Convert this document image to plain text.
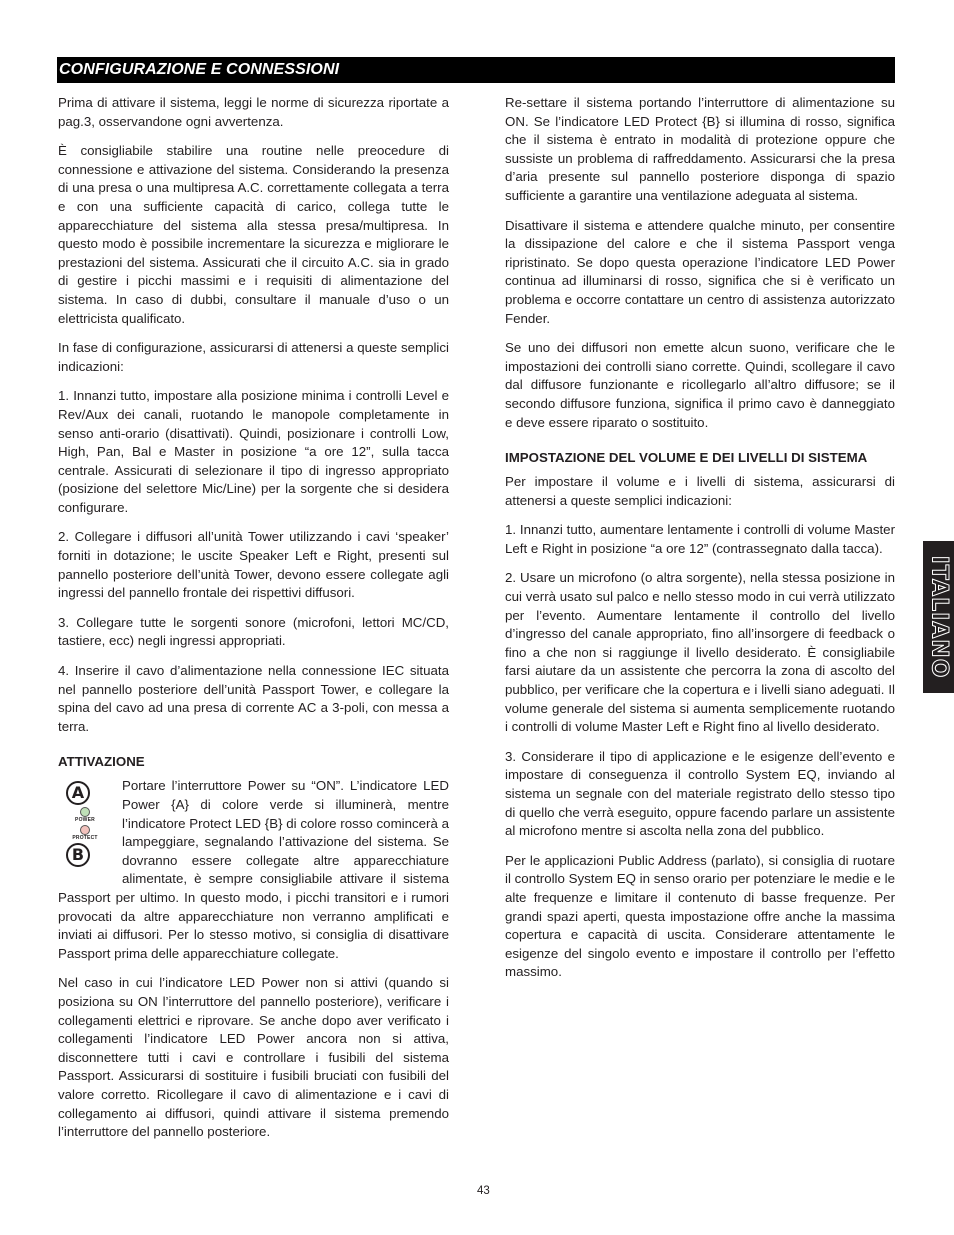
CONFIGURAZIONE E CONNESSIONI

Prima di attivare il sistema, leggi le norme di sicurezza riportate a pag.3, osservandone ogni avvertenza.

È consigliabile stabilire una routine nelle preocedure di connessione e attivazione del sistema. Considerando la presenza di una presa o una multipresa A.C. correttamente collegata a terra e con una sufficiente capacità di carico, collega tutte le apparecchiature del sistema alla stessa presa/multipresa. In questo modo è possibile incrementare la sicurezza e migliorare le prestazioni del sistema. Assicurati che il circuito A.C. sia in grado di gestire i picchi massimi e i requisiti di alimentazione del sistema. In caso di dubbi, consultare il manuale d’uso o un elettricista qualificato.

In fase di configurazione, assicurarsi di attenersi a queste semplici indicazioni:

1. Innanzi tutto, impostare alla posizione minima i controlli Level e Rev/Aux dei canali, ruotando le manopole completamente in senso anti-orario (disattivati). Quindi, posizionare i controlli Low, High, Pan, Bal e Master in posizione “a ore 12”, sulla tacca centrale. Assicurati di selezionare il tipo di ingresso appropriato (posizione del selettore Mic/Line) per la sorgente che si desidera configurare.

2. Collegare i diffusori all’unità Tower utilizzando i cavi ‘speaker’ forniti in dotazione; le uscite Speaker Left e Right, presenti sul pannello posteriore dell’unità Tower, devono essere collegate agli ingressi del pannello frontale dei rispettivi diffusori.

3. Collegare tutte le sorgenti sonore (microfoni, lettori MC/CD, tastiere, ecc) negli ingressi appropriati.

4. Inserire il cavo d’alimentazione nella connessione IEC situata nel pannello posteriore dell’unità Passport Tower, e collegare la spina del cavo ad una presa di corrente AC a 3-poli, con messa a terra.

ATTIVAZIONE
A
POWER
PROTECT
B

Portare l’interruttore Power su “ON”. L’indicatore LED Power {A} di colore verde si illuminerà, mentre l’indicatore Protect LED {B} di colore rosso comincerà a lampeggiare, segnalando l’attivazione del sistema. Se dovranno essere collegate altre apparecchiature alimentate, è sempre consigliabile attivare il sistema Passport per ultimo. In questo modo, i picchi transitori e i rumori provocati da altre apparecchiature non verranno amplificati e inviati ai diffusori. Per lo stesso motivo, si consiglia di disattivare Passport prima delle apparecchiature collegate.

Nel caso in cui l’indicatore LED Power non si attivi (quando si posiziona su ON l’interruttore del pannello posteriore), verificare i collegamenti elettrici e riprovare. Se anche dopo aver verificato i collegamenti l’indicatore LED Power ancora non si attiva, disconnettere tutti i cavi e controllare i fusibili del sistema Passport. Assicurarsi di sostituire i fusibili bruciati con fusibili del valore corretto. Ricollegare il cavo di alimentazione e i cavi di collegamento ai diffusori, quindi attivare il sistema premendo l’interruttore del pannello posteriore.

Re-settare il sistema portando l’interruttore di alimentazione su ON. Se l’indicatore LED Protect {B} si illumina di rosso, significa che il sistema è entrato in modalità di protezione oppure che sussiste un problema di raffreddamento. Assicurarsi che la presa d’aria presente sul pannello posteriore disponga di spazio sufficiente a garantire una ventilazione adeguata al sistema.

Disattivare il sistema e attendere qualche minuto, per consentire la dissipazione del calore e che il sistema Passport venga ripristinato. Se dopo questa operazione l’indicatore LED Power continua ad illuminarsi di rosso, significa che si è verificato un problema e occorre contattare un centro di assistenza autorizzato Fender.

Se uno dei diffusori non emette alcun suono, verificare che le impostazioni dei controlli siano corrette. Quindi, scollegare il cavo dal diffusore funzionante e ricollegarlo all’altro diffusore; se il secondo diffusore funziona, significa il primo cavo è danneggiato e deve essere riparato o sostituito.

IMPOSTAZIONE DEL VOLUME E DEI LIVELLI DI SISTEMA

Per impostare il volume e i livelli di sistema, assicurarsi di attenersi a queste semplici indicazioni:

1. Innanzi tutto, aumentare lentamente i controlli di volume Master Left e Right in posizione “a ore 12” (contrassegnato dalla tacca).

2. Usare un microfono (o altra sorgente), nella stessa posizione in cui verrà usato sul palco e nello stesso modo in cui verrà utilizzato per l’evento. Aumentare lentamente il controllo del livello d’ingresso del canale appropriato, fino all’insorgere di feedback o fino a che non si raggiunge il livello desiderato. È consigliabile farsi aiutare da un assistente che percorra la zona di ascolto del pubblico, per verificare che la copertura e i livelli siano adeguati. Il volume generale del sistema si aumenta semplicemente ruotando i controlli di volume Master Left e Right fino al livello desiderato.

3. Considerare il tipo di applicazione e le esigenze dell’evento e impostare di conseguenza il controllo System EQ, inviando al sistema un segnale con del materiale registrato dello stesso tipo di quello che verrà eseguito, oppure facendo parlare un assistente al microfono mentre si ascolta nella zona del pubblico.

Per le applicazioni Public Address (parlato), si consiglia di ruotare il controllo System EQ in senso orario per potenziare le medie e le alte frequenze e limitare il contenuto di basse frequenze. Per grandi spazi aperti, questa impostazione offre anche la massima copertura e capacità di uscita. Considerare attentamente le esigenze del singolo evento e impostare il controllo per l’effetto massimo.

ITALIANO
43
